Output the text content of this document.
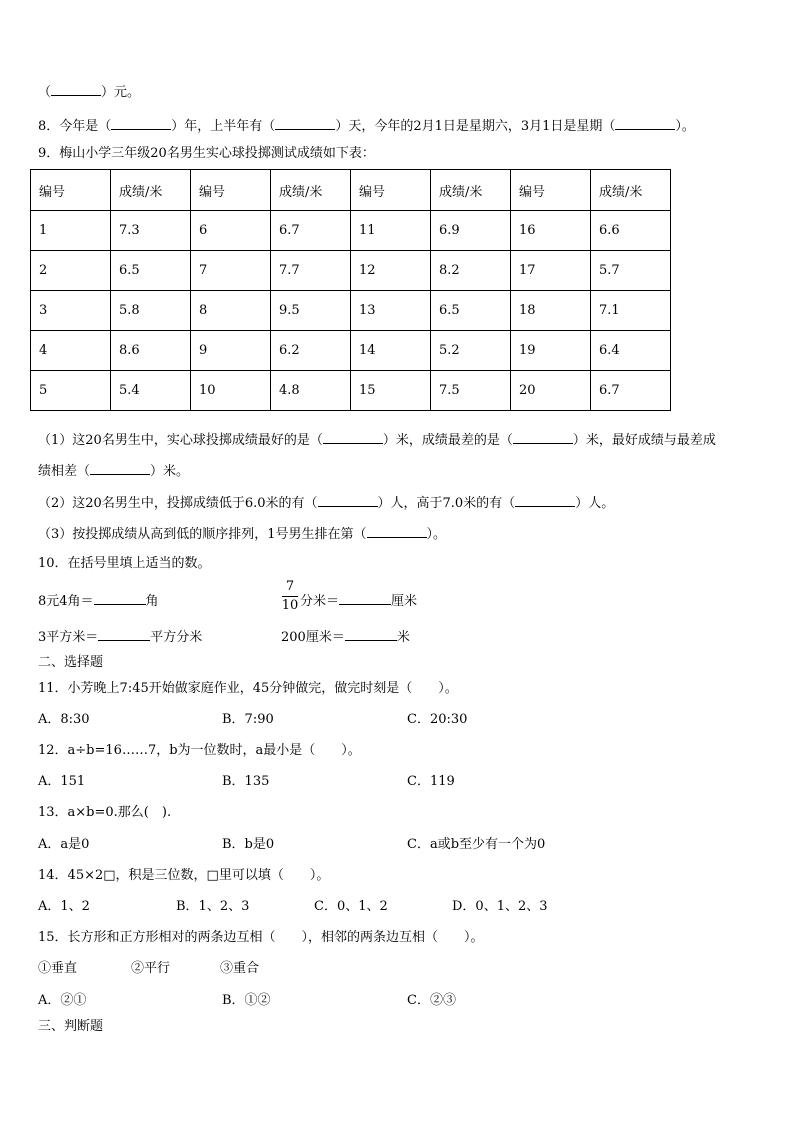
（	）元。
8．今年是（	）年，上半年有（	）天，今年的2月1日是星期六，3月1日是星期（	）。
9．梅山小学三年级20名男生实心球投掷测试成绩如下表：
编号	成绩/米	编号	成绩/米	编号	成绩/米	编号	成绩/米
1	7.3	6	6.7	11	6.9	16	6.6
2	6.5	7	7.7	12	8.2	17	5.7
3	5.8	8	9.5	13	6.5	18	7.1
4	8.6	9	6.2	14	5.2	19	6.4
5	5.4	10	4.8	15	7.5	20	6.7
（1）这20名男生中，实心球投掷成绩最好的是（	）米，成绩最差的是（	）米，最好成绩与最差成
绩相差（	）米。
（2）这20名男生中，投掷成绩低于6.0米的有（	）人，高于7.0米的有（	）人。
（3）按投掷成绩从高到低的顺序排列，1号男生排在第（	）。
10．在括号里填上适当的数。
8元4角＝	角
7
10 分米＝	厘米
3平方米＝	平方分米	200厘米＝	米
二、选择题
11．小芳晚上7:45开始做家庭作业，45分钟做完，做完时刻是（　　）。
A．8:30	B．7:90	C．20:30
12．a÷b=16……7，b为一位数时，a最小是（　　）。
A．151	B．135	C．119
13．a×b=0.那么(　).
A．a是0	B．b是0	C．a或b至少有一个为0
14．45×2□，积是三位数，□里可以填（　　）。
A．1、2	B．1、2、3	C．0、1、2	D．0、1、2、3
15．长方形和正方形相对的两条边互相（　　），相邻的两条边互相（　　）。
①垂直	②平行	③重合
A．②①	B．①②	C．②③
三、判断题
